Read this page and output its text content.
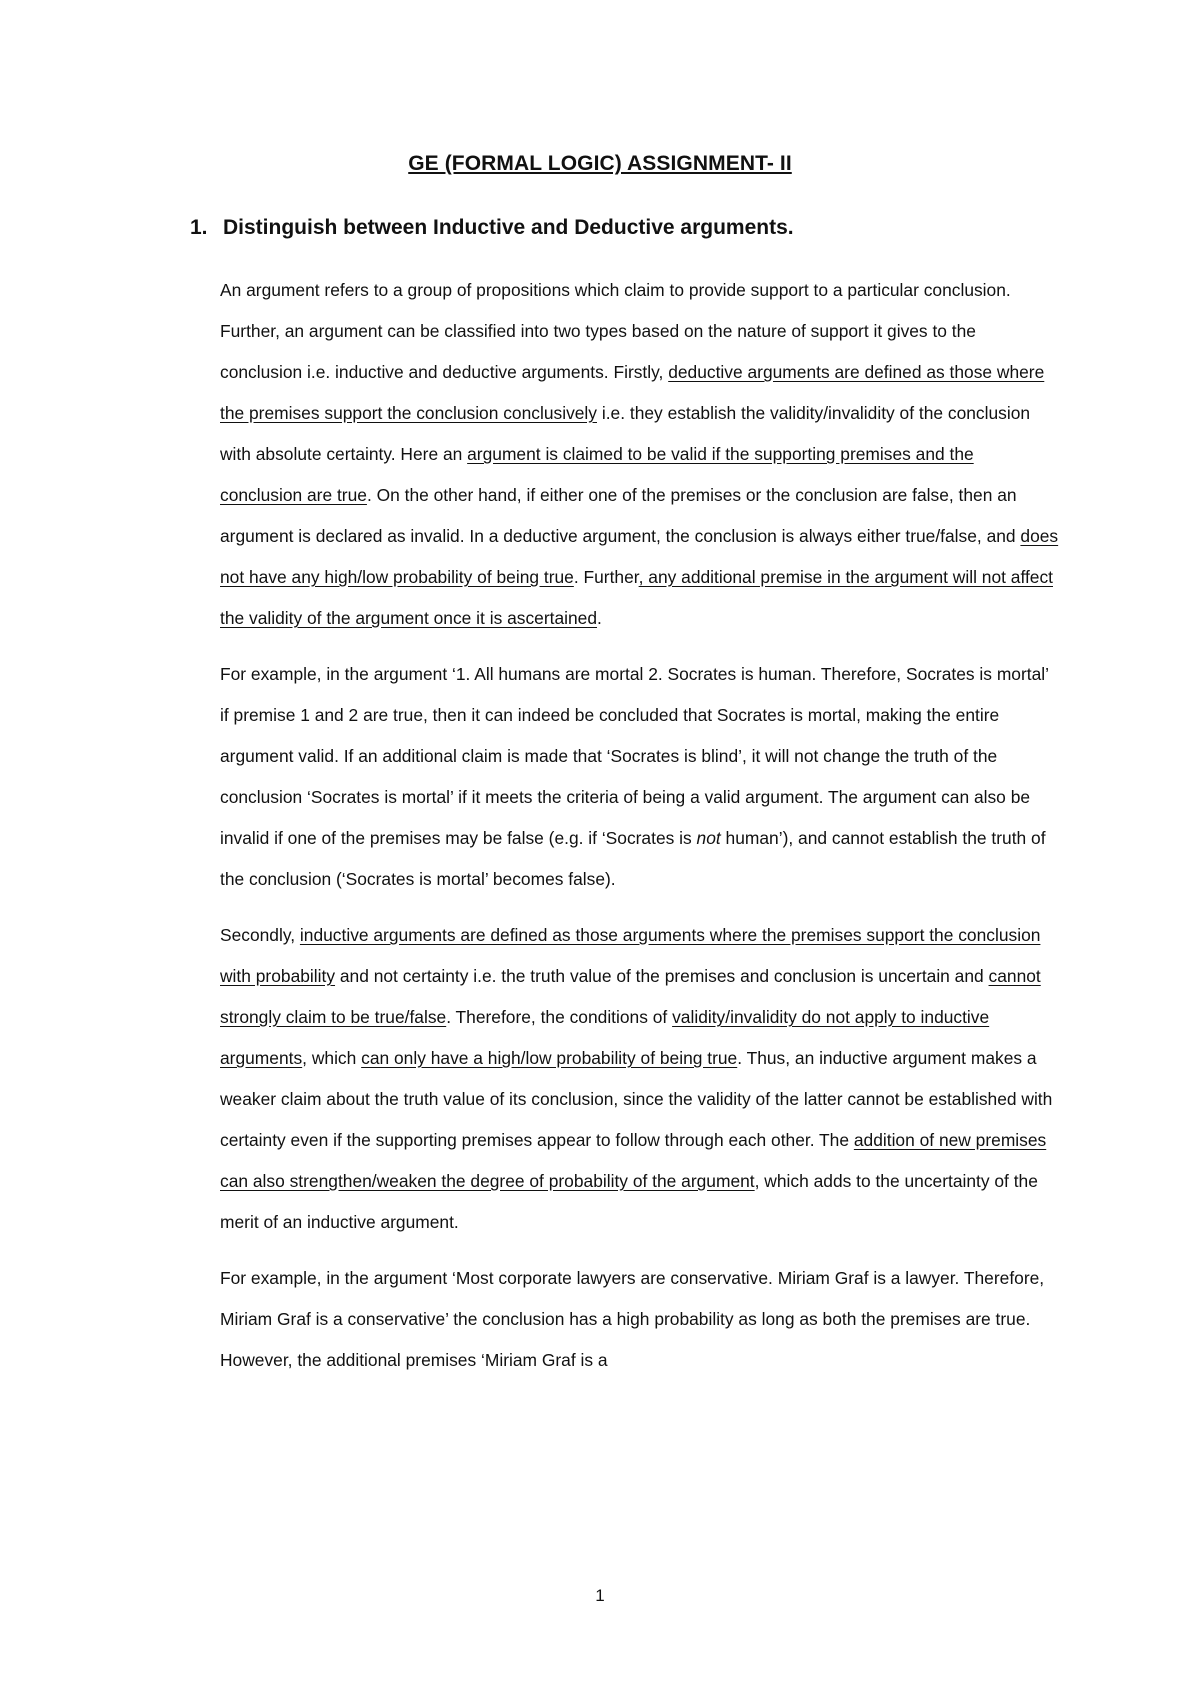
GE (FORMAL LOGIC) ASSIGNMENT- II
1. Distinguish between Inductive and Deductive arguments.

An argument refers to a group of propositions which claim to provide support to a particular conclusion. Further, an argument can be classified into two types based on the nature of support it gives to the conclusion i.e. inductive and deductive arguments. Firstly, deductive arguments are defined as those where the premises support the conclusion conclusively i.e. they establish the validity/invalidity of the conclusion with absolute certainty. Here an argument is claimed to be valid if the supporting premises and the conclusion are true. On the other hand, if either one of the premises or the conclusion are false, then an argument is declared as invalid. In a deductive argument, the conclusion is always either true/false, and does not have any high/low probability of being true. Further, any additional premise in the argument will not affect the validity of the argument once it is ascertained.

For example, in the argument ‘1. All humans are mortal 2. Socrates is human. Therefore, Socrates is mortal’ if premise 1 and 2 are true, then it can indeed be concluded that Socrates is mortal, making the entire argument valid. If an additional claim is made that ‘Socrates is blind’, it will not change the truth of the conclusion ‘Socrates is mortal’ if it meets the criteria of being a valid argument. The argument can also be invalid if one of the premises may be false (e.g. if ‘Socrates is not human’), and cannot establish the truth of the conclusion (‘Socrates is mortal’ becomes false).

Secondly, inductive arguments are defined as those arguments where the premises support the conclusion with probability and not certainty i.e. the truth value of the premises and conclusion is uncertain and cannot strongly claim to be true/false. Therefore, the conditions of validity/invalidity do not apply to inductive arguments, which can only have a high/low probability of being true. Thus, an inductive argument makes a weaker claim about the truth value of its conclusion, since the validity of the latter cannot be established with certainty even if the supporting premises appear to follow through each other. The addition of new premises can also strengthen/weaken the degree of probability of the argument, which adds to the uncertainty of the merit of an inductive argument.

For example, in the argument ‘Most corporate lawyers are conservative. Miriam Graf is a lawyer. Therefore, Miriam Graf is a conservative’ the conclusion has a high probability as long as both the premises are true. However, the additional premises ‘Miriam Graf is a

1
